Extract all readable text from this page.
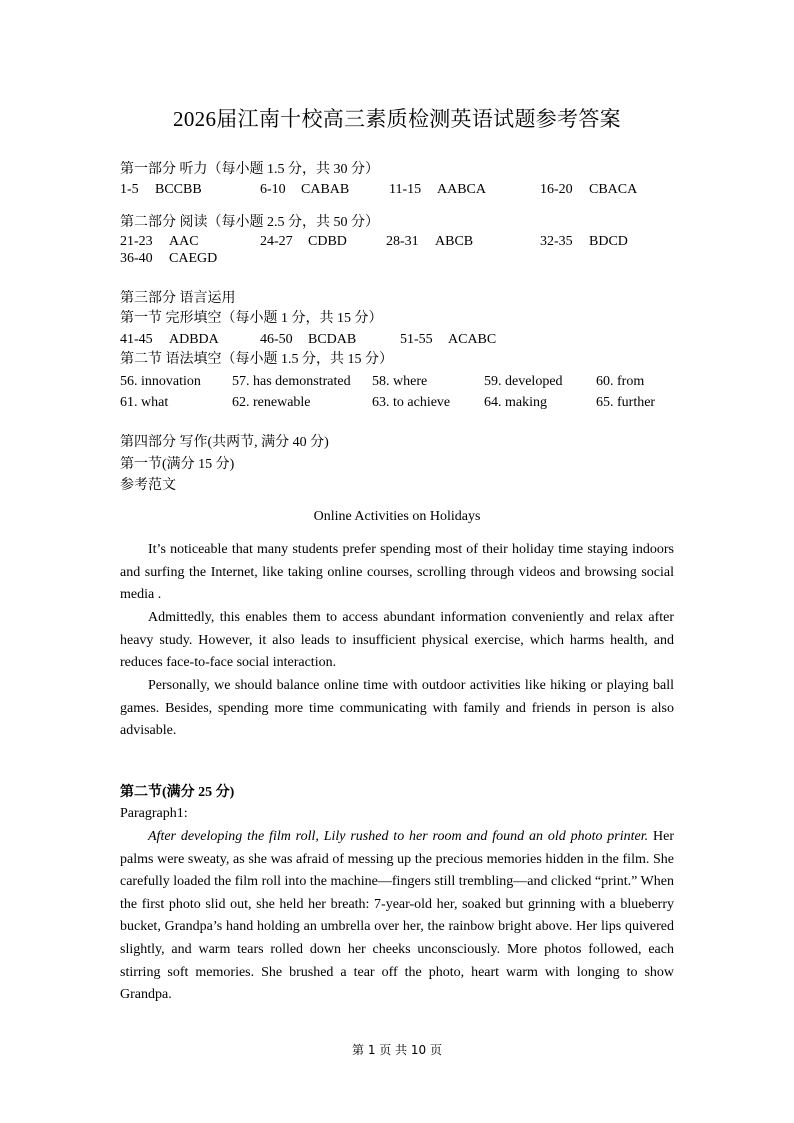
2026届江南十校高三素质检测英语试题参考答案
第一部分 听力（每小题 1.5 分，共 30 分）
1-5 BCCBB	6-10 CABAB	11-15 AABCA	16-20 CBACA
第二部分 阅读（每小题 2.5 分，共 50 分）
21-23 AAC	24-27 CDBD	28-31 ABCB	32-35 BDCD
36-40 CAEGD
第三部分 语言运用
第一节 完形填空（每小题 1 分，共 15 分）
41-45 ADBDA	46-50 BCDAB	51-55 ACABC
第二节 语法填空（每小题 1.5 分，共 15 分）
56. innovation 57. has demonstrated 58. where	59. developed 60. from
61. what	62. renewable	63. to achieve 64. making	65. further
第四部分 写作(共两节, 满分 40 分)
第一节(满分 15 分)
参考范文
Online Activities on Holidays

It’s noticeable that many students prefer spending most of their holiday time staying indoors and surfing the Internet, like taking online courses, scrolling through videos and browsing social media .

Admittedly, this enables them to access abundant information conveniently and relax after heavy study. However, it also leads to insufficient physical exercise, which harms health, and reduces face-to-face social interaction.

Personally, we should balance online time with outdoor activities like hiking or playing ball games. Besides, spending more time communicating with family and friends in person is also advisable.

第二节(满分 25 分)
Paragraph1:

After developing the film roll, Lily rushed to her room and found an old photo printer. Her palms were sweaty, as she was afraid of messing up the precious memories hidden in the film. She carefully loaded the film roll into the machine—fingers still trembling—and clicked “print.” When the first photo slid out, she held her breath: 7-year-old her, soaked but grinning with a blueberry bucket, Grandpa’s hand holding an umbrella over her, the rainbow bright above. Her lips quivered slightly, and warm tears rolled down her cheeks unconsciously. More photos followed, each stirring soft memories. She brushed a tear off the photo, heart warm with longing to show Grandpa.

第 1 页 共 10 页
